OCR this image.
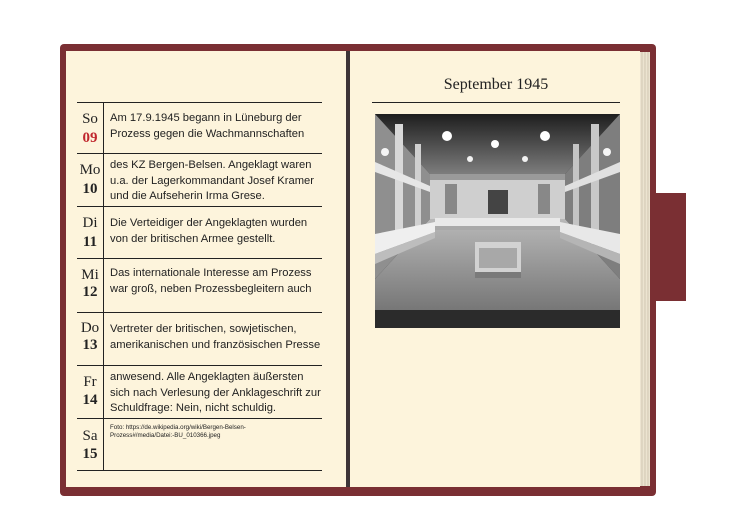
So
09
Am 17.9.1945 begann in Lüneburg der Prozess gegen die Wachmannschaften
Mo
10
des KZ Bergen-Belsen. Angeklagt waren u.a. der Lagerkommandant Josef Kramer und die Aufseherin Irma Grese.
Di
11
Die Verteidiger der Angeklagten wurden von der britischen Armee gestellt.
Mi
12
Das internationale Interesse am Prozess war groß, neben Prozessbegleitern auch
Do
13
Vertreter der britischen, sowjetischen, amerikanischen und französischen Presse
Fr
14
anwesend. Alle Angeklagten äußersten sich nach Verlesung der Anklageschrift zur Schuldfrage: Nein, nicht schuldig.
Sa
15
Foto: https://de.wikipedia.org/wiki/Bergen-Belsen-Prozess#/media/Datei:-BU_010366.jpeg
September 1945
